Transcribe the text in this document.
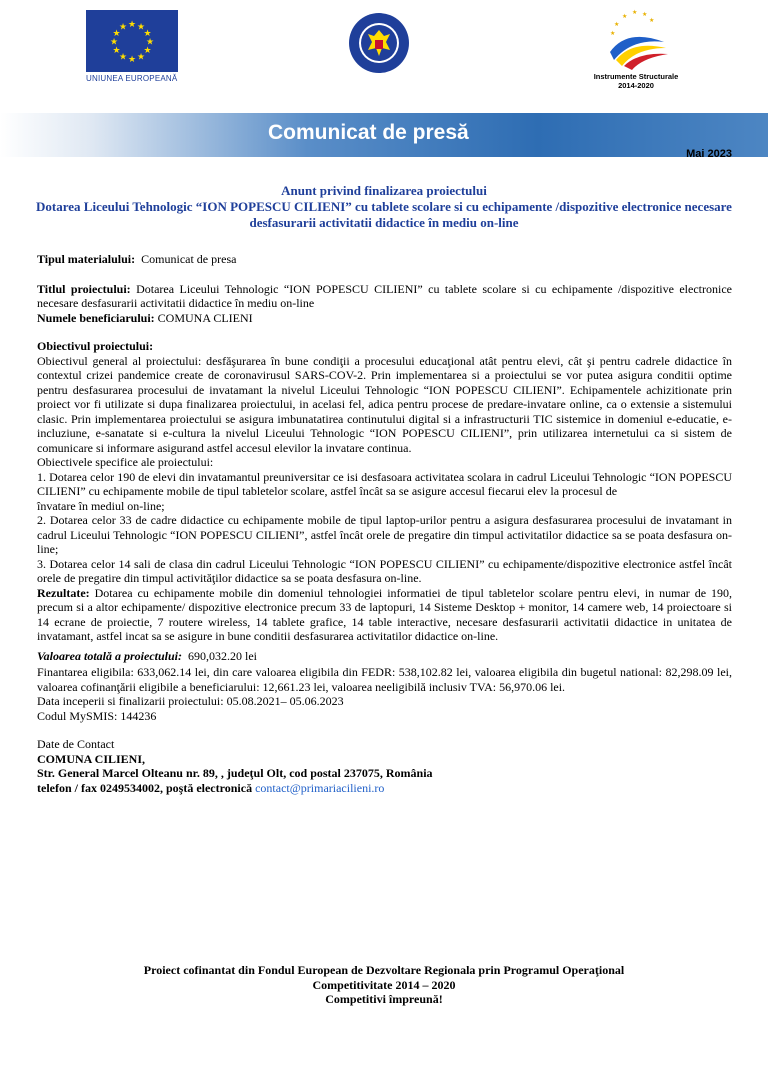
★ ★
★
★
★
★
★
★
★
★
★
★
UNIUNEA EUROPEANĂ
★
★ ★
★
★
★
Instrumente Structurale
2014-2020
Comunicat de presă
Mai 2023
Anunt privind finalizarea proiectului
Dotarea Liceului Tehnologic “ION POPESCU CILIENI” cu tablete scolare si cu echipamente /dispozitive electronice necesare desfasurarii activitatii didactice în mediu on-line

Tipul materialului: Comunicat de presa

Titlul proiectului: Dotarea Liceului Tehnologic “ION POPESCU CILIENI” cu tablete scolare si cu echipamente /dispozitive electronice necesare desfasurarii activitatii didactice în mediu on-line

Numele beneficiarului: COMUNA CLIENI

Obiectivul proiectului:

Obiectivul general al proiectului: desfăşurarea în bune condiţii a procesului educaţional atât pentru elevi, cât şi pentru cadrele didactice în contextul crizei pandemice create de coronavirusul SARS-COV-2. Prin implementarea si a proiectului se vor putea asigura conditii optime pentru desfasurarea procesului de invatamant la nivelul Liceului Tehnologic “ION POPESCU CILIENI”. Echipamentele achizitionate prin proiect vor fi utilizate si dupa finalizarea proiectului, in acelasi fel, adica pentru procese de predare-invatare online, ca o extensie a sistemului clasic. Prin implementarea proiectului se asigura imbunatatirea continutului digital si a infrastructurii TIC sistemice in domeniul e-educatie, e-incluziune, e-sanatate si e-cultura la nivelul Liceului Tehnologic “ION POPESCU CILIENI”, prin utilizarea internetului ca si sistem de comunicare si informare asigurand astfel accesul elevilor la invatare continua.

Obiectivele specifice ale proiectului:

1. Dotarea celor 190 de elevi din invatamantul preuniversitar ce isi desfasoara activitatea scolara in cadrul Liceului Tehnologic “ION POPESCU CILIENI” cu echipamente mobile de tipul tabletelor scolare, astfel încât sa se asigure accesul fiecarui elev la procesul de

învatare în mediul on-line;

2. Dotarea celor 33 de cadre didactice cu echipamente mobile de tipul laptop-urilor pentru a asigura desfasurarea procesului de invatamant in cadrul Liceului Tehnologic “ION POPESCU CILIENI”, astfel încât orele de pregatire din timpul activitatilor didactice sa se poata desfasura on-line;

3. Dotarea celor 14 sali de clasa din cadrul Liceului Tehnologic “ION POPESCU CILIENI” cu echipamente/dispozitive electronice astfel încât orele de pregatire din timpul activităţilor didactice sa se poata desfasura on-line.

Rezultate: Dotarea cu echipamente mobile din domeniul tehnologiei informatiei de tipul tabletelor scolare pentru elevi, in numar de 190, precum si a altor echipamente/ dispozitive electronice precum 33 de laptopuri, 14 Sisteme Desktop + monitor, 14 camere web, 14 proiectoare si 14 ecrane de proiectie, 7 routere wireless, 14 tablete grafice, 14 table interactive, necesare desfasurarii activitatii didactice in unitatea de invatamant, astfel incat sa se asigure in bune conditii desfasurarea activitatilor didactice on-line.

Valoarea totală a proiectului: 690,032.20 lei

Finantarea eligibila: 633,062.14 lei, din care valoarea eligibila din FEDR: 538,102.82 lei, valoarea eligibila din bugetul national: 82,298.09 lei, valoarea cofinanţării eligibile a beneficiarului: 12,661.23 lei, valoarea neeligibilă inclusiv TVA: 56,970.06 lei.

Data inceperii si finalizarii proiectului: 05.08.2021– 05.06.2023

Codul MySMIS: 144236

Date de Contact

COMUNA CILIENI,

Str. General Marcel Olteanu nr. 89, , judeţul Olt, cod postal 237075, România

telefon / fax 0249534002, poştă electronică contact@primariacilieni.ro

Proiect cofinantat din Fondul European de Dezvoltare Regionala prin Programul Operaţional
Competitivitate 2014 – 2020
Competitivi împreună!
